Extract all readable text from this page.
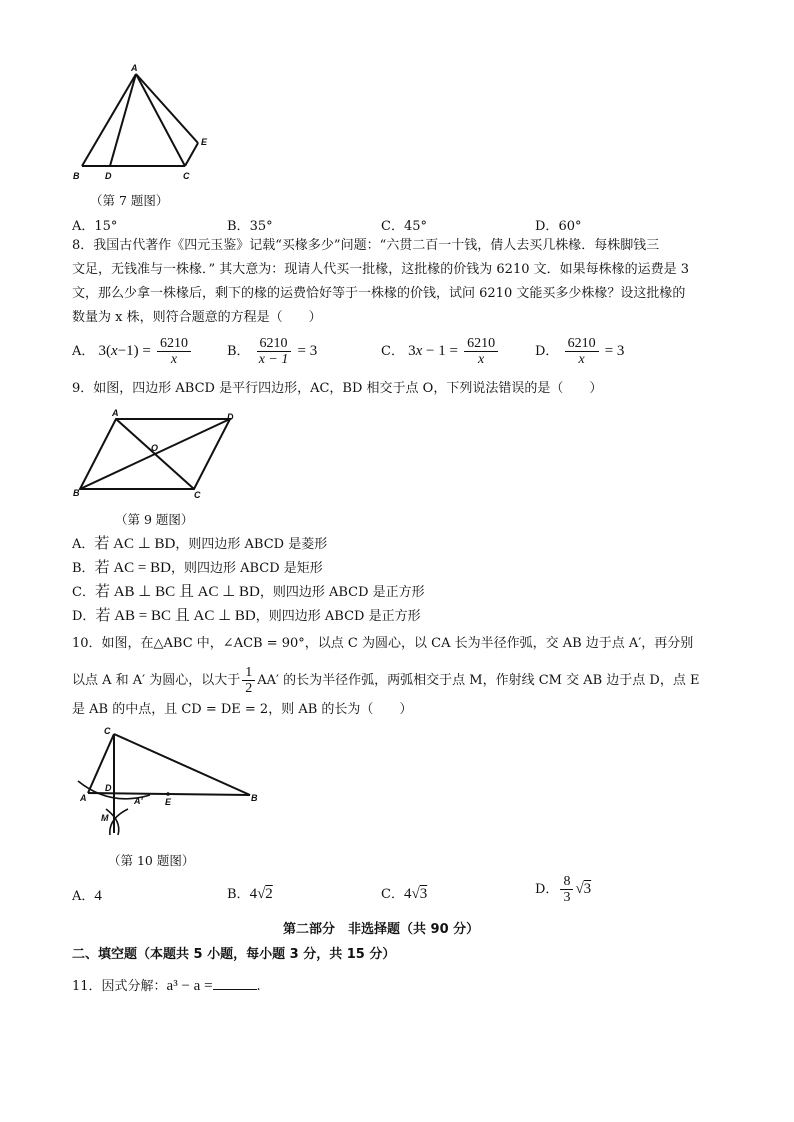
A
B	D	C
E
（第 7 题图）
A．15°	B．35°	C．45°	D．60°
8．我国古代著作《四元玉鉴》记载“买椽多少”问题：“六贯二百一十钱，倩人去买几株椽．每株脚钱三
文足，无钱准与一株椽．” 其大意为：现请人代买一批椽，这批椽的价钱为 6210 文．如果每株椽的运费是 3
文，那么少拿一株椽后，剩下的椽的运费恰好等于一株椽的价钱，试问 6210 文能买多少株椽？设这批椽的
数量为 x 株，则符合题意的方程是（　　）
A． $3(x-1) = \frac{6210}{x}$	B． $\frac{6210}{x - 1} = 3$	C． $3x - 1 = \frac{6210}{x}$	D． $\frac{6210}{x} = 3$
9．如图，四边形 ABCD 是平行四边形，AC，BD 相交于点 O，下列说法错误的是（　　）
A	D
O
B	C
（第 9 题图）
A．若 AC ⊥ BD，则四边形 ABCD 是菱形
B．若 AC = BD，则四边形 ABCD 是矩形
C．若 AB ⊥ BC 且 AC ⊥ BD，则四边形 ABCD 是正方形
D．若 AB = BC 且 AC ⊥ BD，则四边形 ABCD 是正方形
10．如图，在△ABC 中，∠ACB = 90°，以点 C 为圆心，以 CA 长为半径作弧，交 AB 边于点 A′，再分别
以点 A 和 A′ 为圆心，以大于 $\frac{1}{2} AA'$ 的长为半径作弧，两弧相交于点 M，作射线 CM 交 AB 边于点 D，点 E
是 AB 的中点，且 CD = DE = 2，则 AB 的长为（　　）
C
A
D
A' E	B
M
（第 10 题图）
A．4	B．4√2	C．4√3	D． $\frac{8}{3} √3$
第二部分　非选择题（共 90 分）
二、填空题（本题共 5 小题，每小题 3 分，共 15 分）
11．因式分解：a³ − a =	.
